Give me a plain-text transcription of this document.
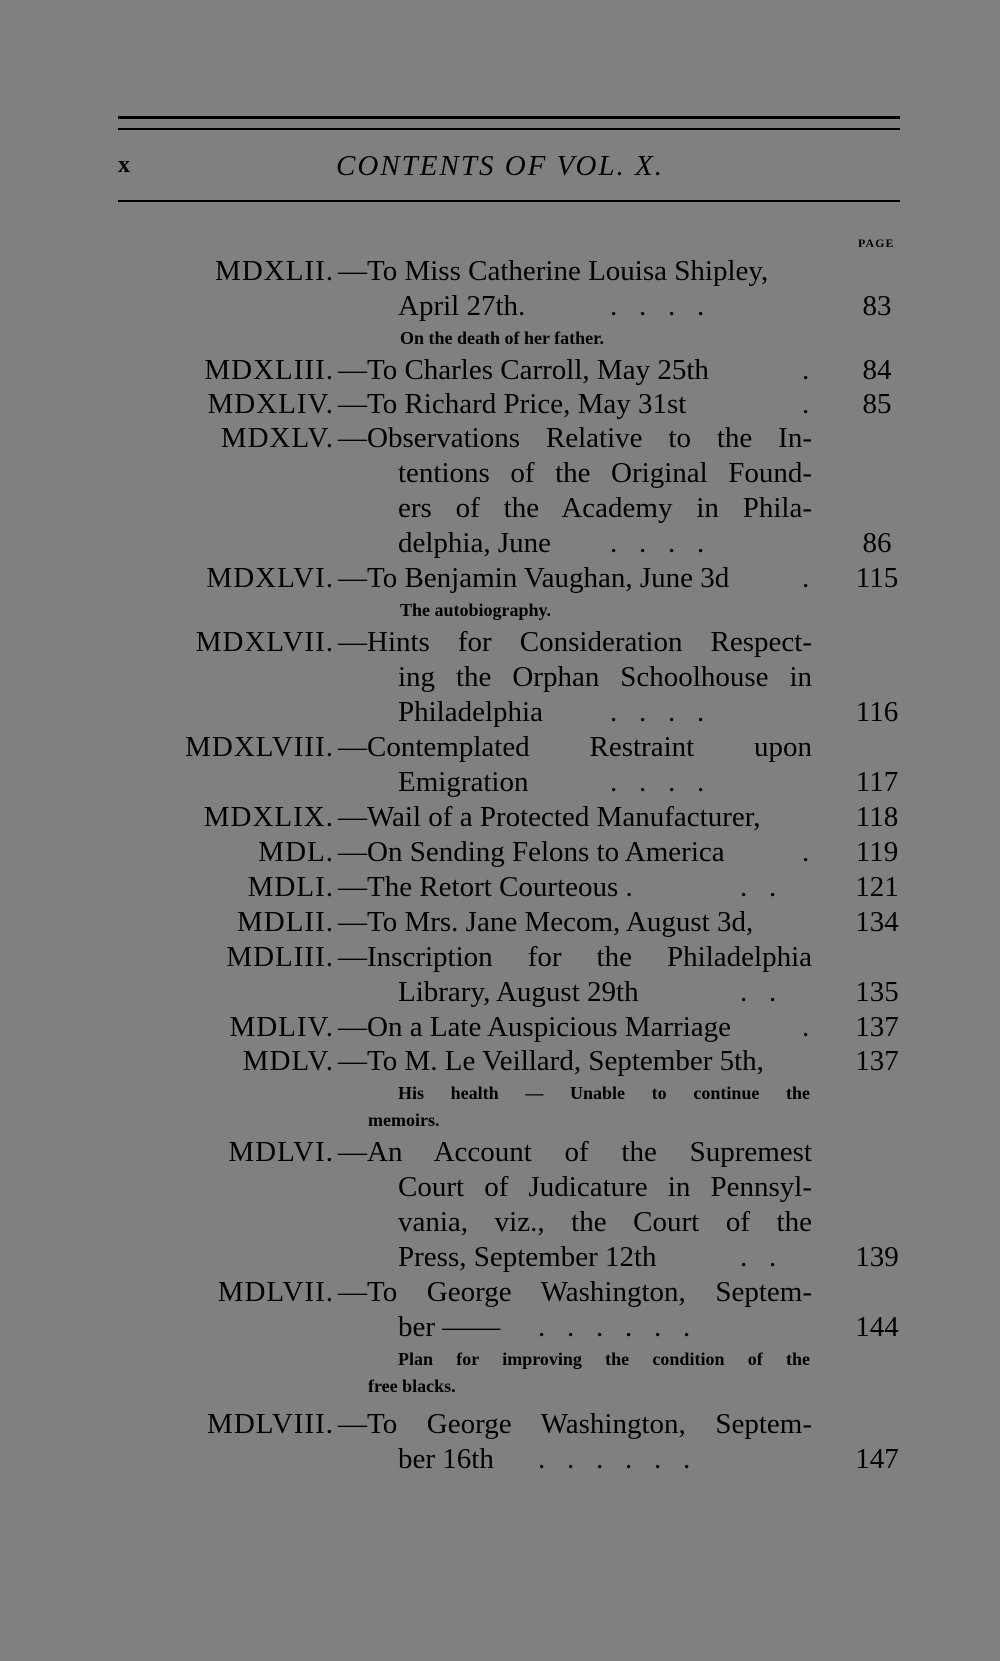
x	CONTENTS OF VOL. X.
PAGE
MDXLII. —To Miss Catherine Louisa Shipley,
April 27th.	.   .   .   .	83
On the death of her father.
MDXLIII. —To Charles Carroll, May 25th	.	84
MDXLIV. —To Richard Price, May 31st	.	85
MDXLV. —Observations Relative to the In-
tentions of the Original Found-
ers of the Academy in Phila-
delphia, June .   .   .   .	86
MDXLVI. —To Benjamin Vaughan, June 3d	. 115
The autobiography.
MDXLVII. —Hints for Consideration Respect-
ing the Orphan Schoolhouse in
Philadelphia .   .   .   .	116
MDXLVIII. —Contemplated Restraint upon
Emigration	.   .   .   .	117
MDXLIX. —Wail of a Protected Manufacturer,	118
MDL. —On Sending Felons to America	. 119
MDLI. —The Retort Courteous .	.   .	121
MDLII. —To Mrs. Jane Mecom, August 3d,	134
MDLIII. —Inscription for the Philadelphia
Library, August 29th	.   .	135
MDLIV. —On a Late Auspicious Marriage . 137
MDLV. —To M. Le Veillard, September 5th,	137
His health — Unable to continue the
memoirs.
MDLVI. —An Account of the Supremest
Court of Judicature in Pennsyl-
vania, viz., the Court of the
Press, September 12th	.   .	139
MDLVII. —To George Washington, Septem-
ber —— .   .   .   .   .   .	144
Plan for improving the condition of the
free blacks.
MDLVIII. —To George Washington, Septem-
ber 16th .   .   .   .   .   .	147
